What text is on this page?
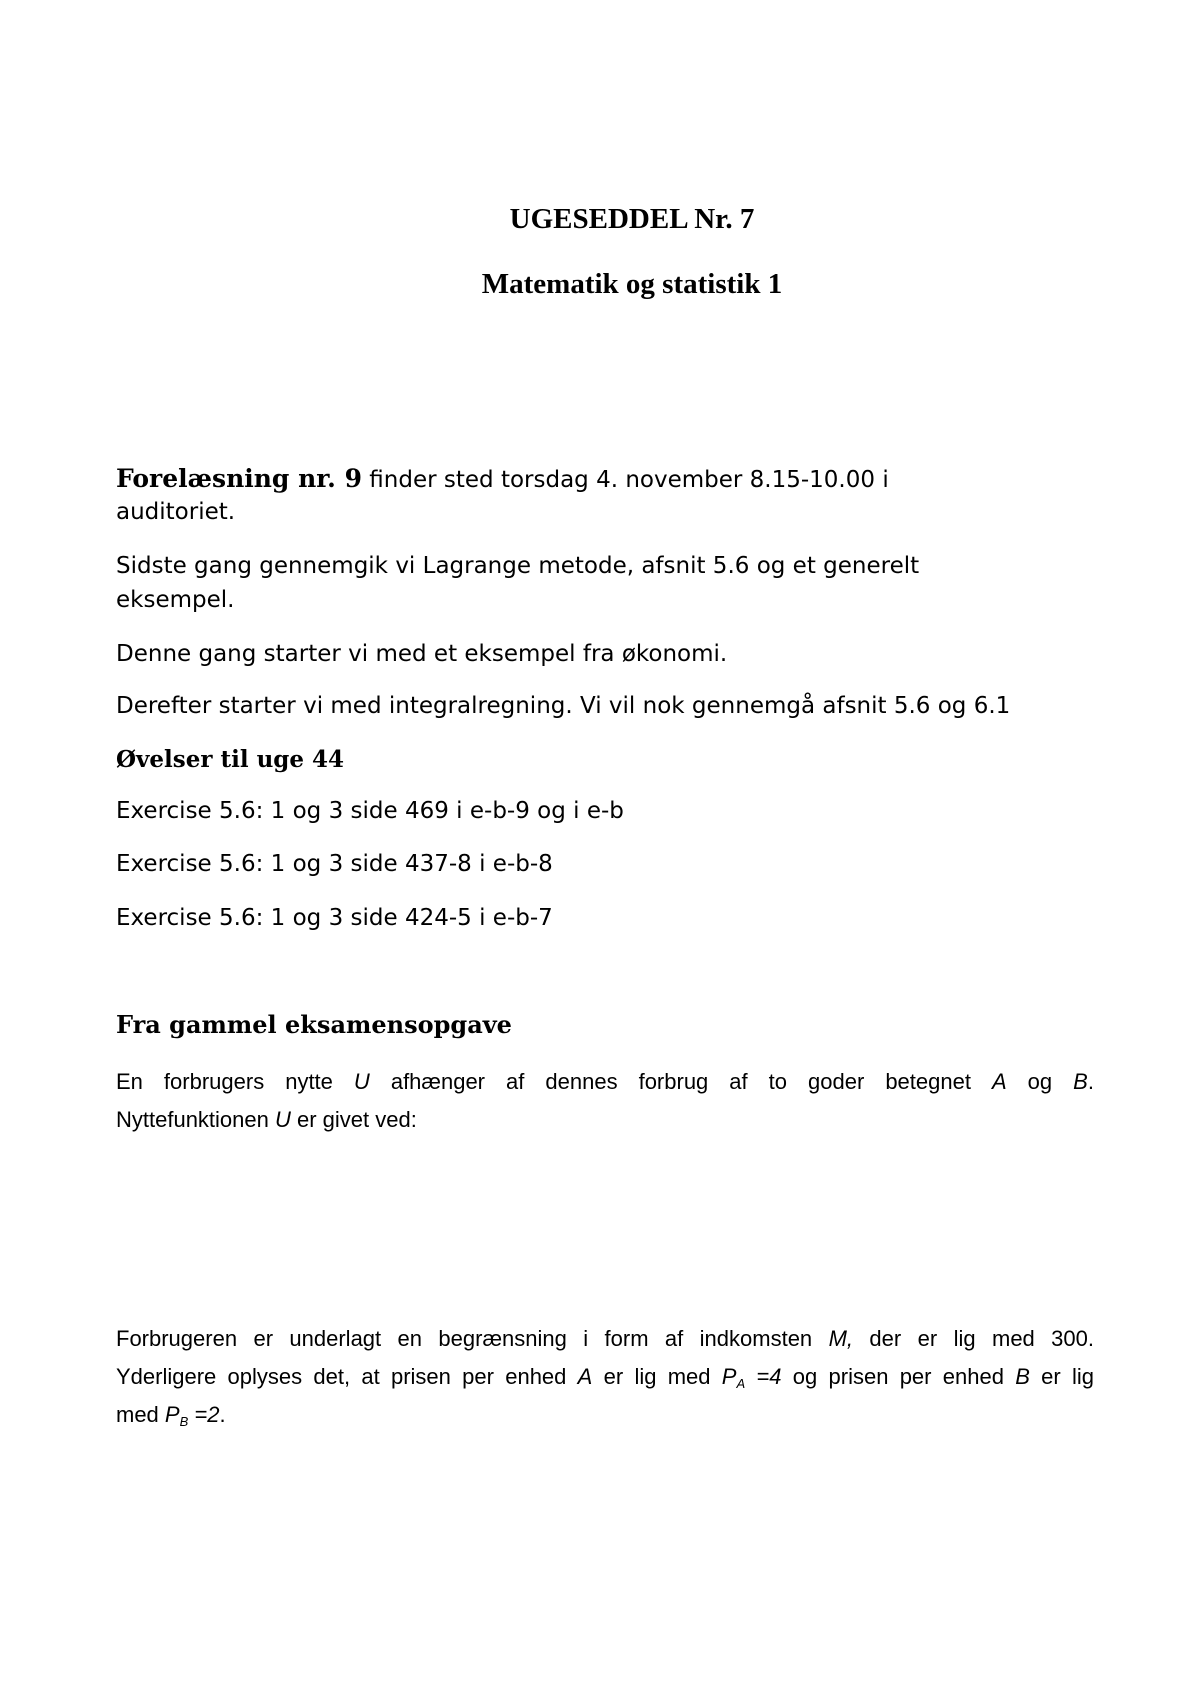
UGESEDDEL Nr. 7
Matematik og statistik 1

Forelæsning nr. 9 finder sted torsdag 4. november 8.15-10.00 i

auditoriet.

Sidste gang gennemgik vi Lagrange metode, afsnit 5.6 og et generelt

eksempel.

Denne gang starter vi med et eksempel fra økonomi.

Derefter starter vi med integralregning. Vi vil nok gennemgå afsnit 5.6 og 6.1

Øvelser til uge 44

Exercise 5.6: 1 og 3 side 469 i e-b-9 og i e-b

Exercise 5.6: 1 og 3 side 437-8 i e-b-8

Exercise 5.6: 1 og 3 side 424-5 i e-b-7

Fra gammel eksamensopgave

En forbrugers nytte U afhænger af dennes forbrug af to goder betegnet A og B.

Nyttefunktionen U er givet ved:

Forbrugeren er underlagt en begrænsning i form af indkomsten M, der er lig med 300.

Yderligere oplyses det, at prisen per enhed A er lig med $P_A =4$ og prisen per enhed B er lig

med $P_B =2$.
